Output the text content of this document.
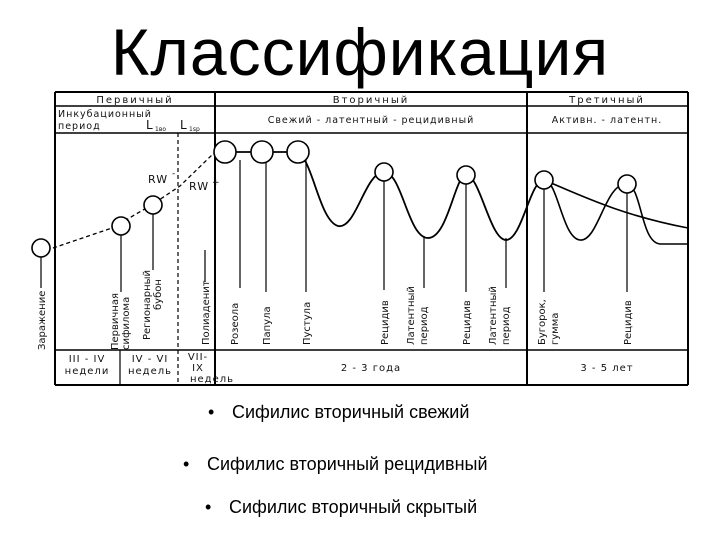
Классификация
Первичный	Вторичный	Третичный
Инкубационный
период	L 1во L 1sp
Свежий - латентный - рецидивный	Активн. - латентн.
RW -
RW +
Заражение	Первичная сифилома Регионарный бубон	Полиаденит Розеола Папула	Пустула	Рецидив Латентный период	Рецидив Латентный период	Бугорок, гумма	Рецидив
III - IV
недели
IV - VI
недель
VII-
IX
недель
2 - 3 года	3 - 5 лет
• Сифилис вторичный свежий
• Сифилис вторичный рецидивный
• Сифилис вторичный скрытый
